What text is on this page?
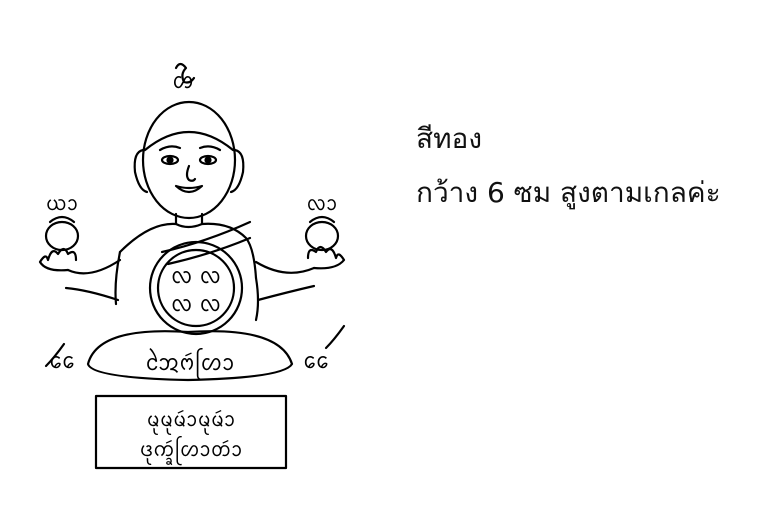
ᩉ
ᩃ ᩃ
ᩃ ᩃ
ᨿᩣ	ᩃᩣ
ᩋᩱᨻᩢᩉᩕᩣ
ᩯ	ᩯ
ᨾᩩᨾᩩᨾᩢᩣᨾᩩᨾᩢᩣ
ᨴᩩᨠ᩠ᨡᩢᩉᩕᩣᨲᩢᩣ
สีทอง
กว้าง 6 ซม สูงตามเกลค่ะ
